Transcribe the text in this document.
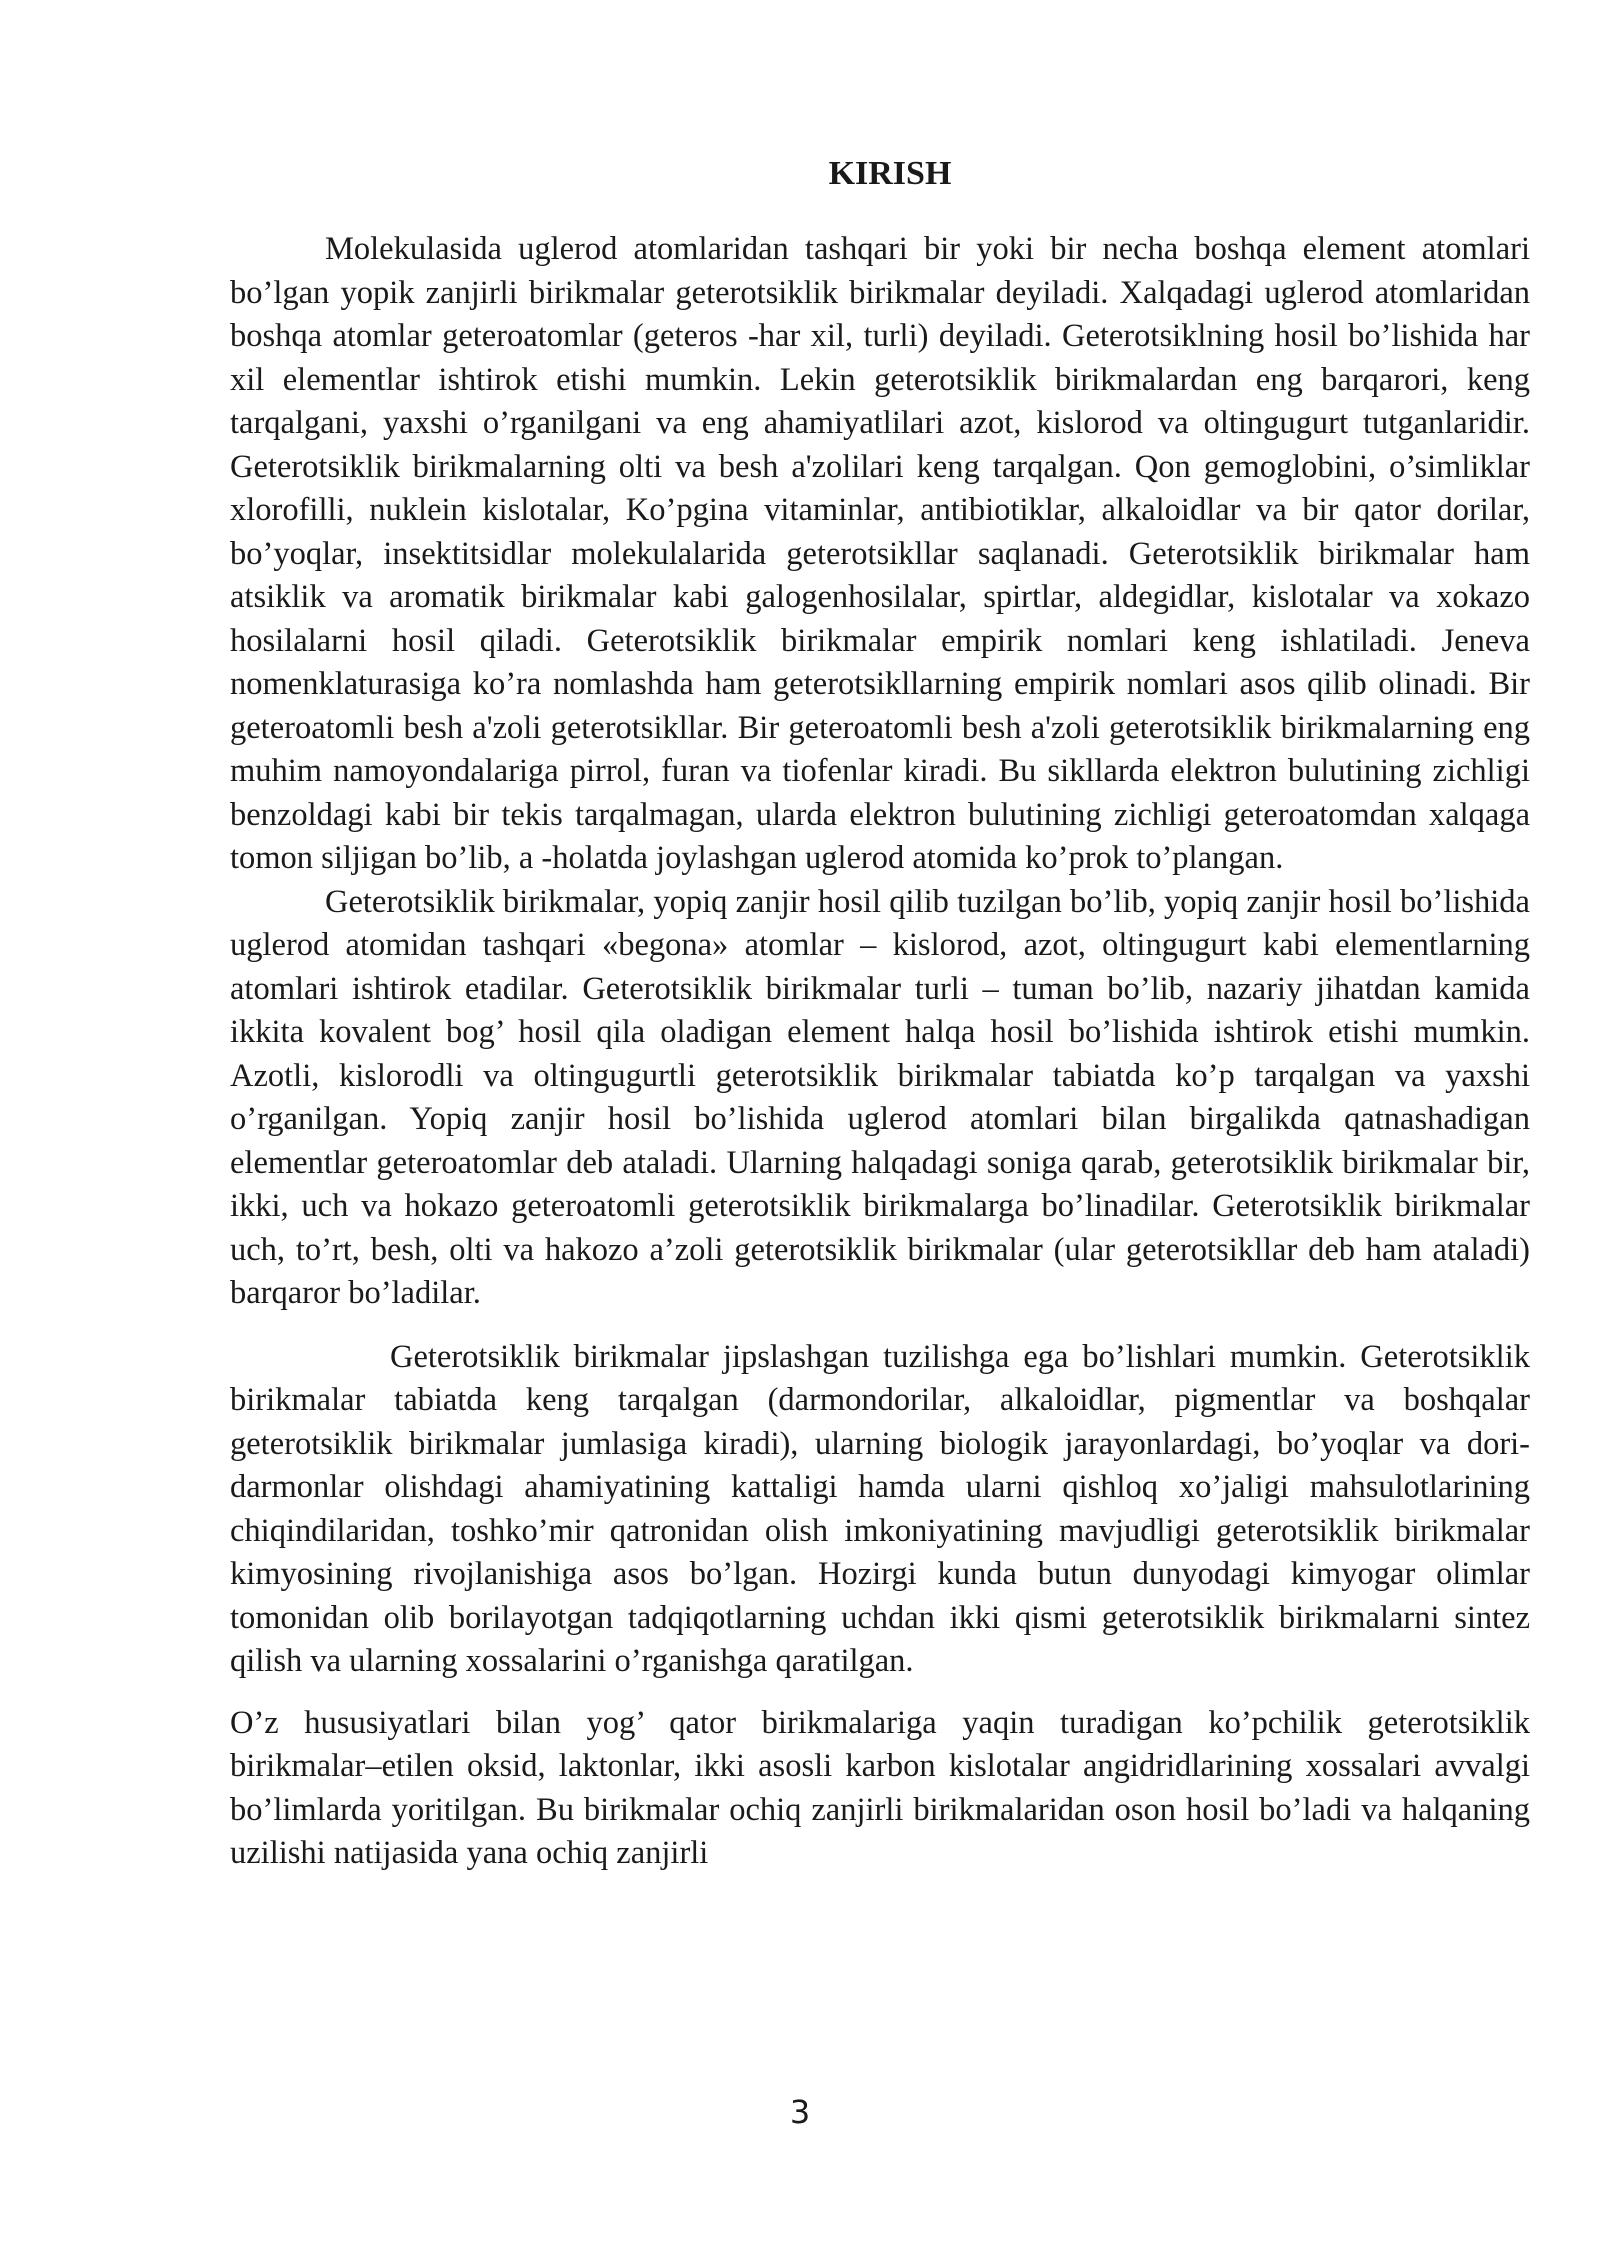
KIRISH

Molekulasida uglerod atomlaridan tashqari bir yoki bir necha boshqa element atomlari bo’lgan yopik zanjirli birikmalar geterotsiklik birikmalar deyiladi. Xalqadagi uglerod atomlaridan boshqa atomlar geteroatomlar (geteros -har xil, turli) deyiladi. Geterotsiklning hosil bo’lishida har xil elementlar ishtirok etishi mumkin. Lekin geterotsiklik birikmalardan eng barqarori, keng tarqalgani, yaxshi o’rganilgani va eng ahamiyatlilari azot, kislorod va oltingugurt tutganlaridir. Geterotsiklik birikmalarning olti va besh a'zolilari keng tarqalgan. Qon gemoglobini, o’simliklar xlorofilli, nuklein kislotalar, Ko’pgina vitaminlar, antibiotiklar, alkaloidlar va bir qator dorilar, bo’yoqlar, insektitsidlar molekulalarida geterotsikllar saqlanadi. Geterotsiklik birikmalar ham atsiklik va aromatik birikmalar kabi galogenhosilalar, spirtlar, aldegidlar, kislotalar va xokazo hosilalarni hosil qiladi. Geterotsiklik birikmalar empirik nomlari keng ishlatiladi. Jeneva nomenklaturasiga ko’ra nomlashda ham geterotsikllarning empirik nomlari asos qilib olinadi. Bir geteroatomli besh a'zoli geterotsikllar. Bir geteroatomli besh a'zoli geterotsiklik birikmalarning eng muhim namoyondalariga pirrol, furan va tiofenlar kiradi. Bu sikllarda elektron bulutining zichligi benzoldagi kabi bir tekis tarqalmagan, ularda elektron bulutining zichligi geteroatomdan xalqaga tomon siljigan bo’lib, a -holatda joylashgan uglerod atomida ko’prok to’plangan.

Geterotsiklik birikmalar, yopiq zanjir hosil qilib tuzilgan bo’lib, yopiq zanjir hosil bo’lishida uglerod atomidan tashqari «begona» atomlar – kislorod, azot, oltingugurt kabi elementlarning atomlari ishtirok etadilar. Geterotsiklik birikmalar turli – tuman bo’lib, nazariy jihatdan kamida ikkita kovalent bog’ hosil qila oladigan element halqa hosil bo’lishida ishtirok etishi mumkin. Azotli, kislorodli va oltingugurtli geterotsiklik birikmalar tabiatda ko’p tarqalgan va yaxshi o’rganilgan. Yopiq zanjir hosil bo’lishida uglerod atomlari bilan birgalikda qatnashadigan elementlar geteroatomlar deb ataladi. Ularning halqadagi soniga qarab, geterotsiklik birikmalar bir, ikki, uch va hokazo geteroatomli geterotsiklik birikmalarga bo’linadilar. Geterotsiklik birikmalar uch, to’rt, besh, olti va hakozo a’zoli geterotsiklik birikmalar (ular geterotsikllar deb ham ataladi) barqaror bo’ladilar.

Geterotsiklik birikmalar jipslashgan tuzilishga ega bo’lishlari mumkin. Geterotsiklik birikmalar tabiatda keng tarqalgan (darmondorilar, alkaloidlar, pigmentlar va boshqalar geterotsiklik birikmalar jumlasiga kiradi), ularning biologik jarayonlardagi, bo’yoqlar va dori-darmonlar olishdagi ahamiyatining kattaligi hamda ularni qishloq xo’jaligi mahsulotlarining chiqindilaridan, toshko’mir qatronidan olish imkoniyatining mavjudligi geterotsiklik birikmalar kimyosining rivojlanishiga asos bo’lgan. Hozirgi kunda butun dunyodagi kimyogar olimlar tomonidan olib borilayotgan tadqiqotlarning uchdan ikki qismi geterotsiklik birikmalarni sintez qilish va ularning xossalarini o’rganishga qaratilgan.

O’z hususiyatlari bilan yog’ qator birikmalariga yaqin turadigan ko’pchilik geterotsiklik birikmalar–etilen oksid, laktonlar, ikki asosli karbon kislotalar angidridlarining xossalari avvalgi bo’limlarda yoritilgan. Bu birikmalar ochiq zanjirli birikmalaridan oson hosil bo’ladi va halqaning uzilishi natijasida yana ochiq zanjirli

3
